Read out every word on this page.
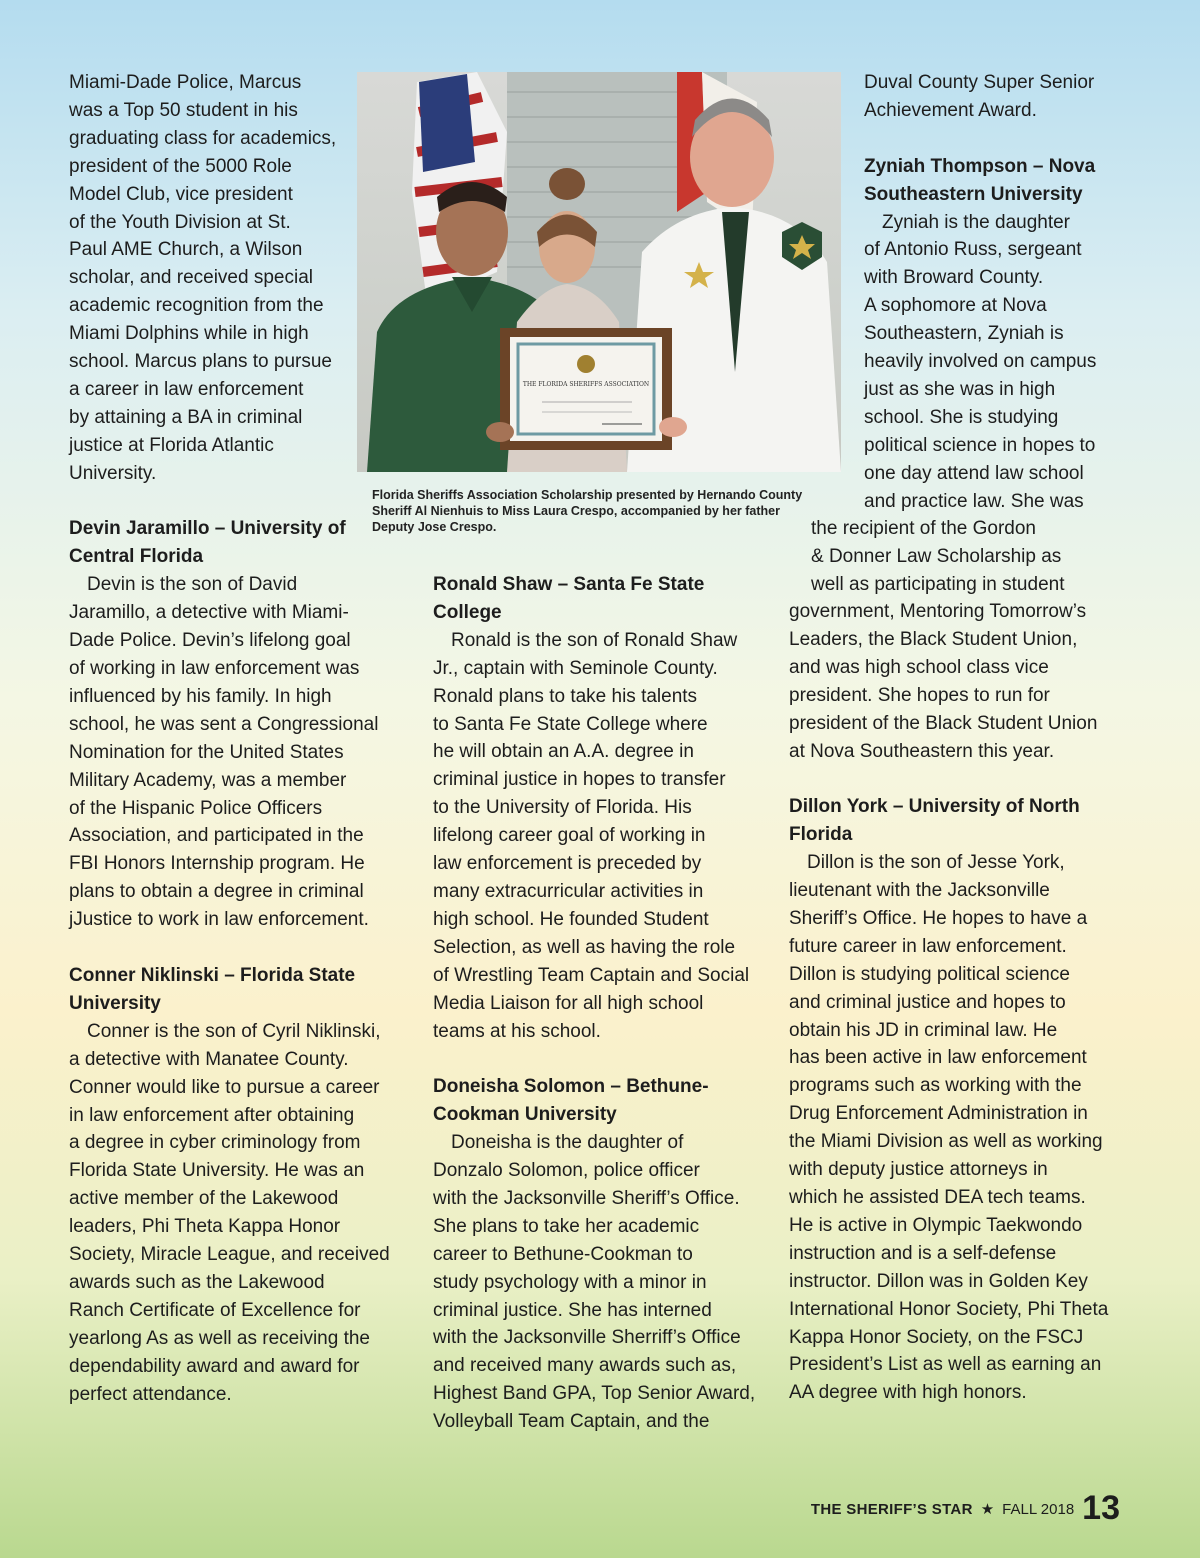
Miami-Dade Police, Marcus
was a Top 50 student in his
graduating class for academics,
president of the 5000 Role
Model Club, vice president
of the Youth Division at St.
Paul AME Church, a Wilson
scholar, and received special
academic recognition from the
Miami Dolphins while in high
school. Marcus plans to pursue
a career in law enforcement
by attaining a BA in criminal
justice at Florida Atlantic
University.

Devin Jaramillo – University of
Central Florida

Devin is the son of David
Jaramillo, a detective with Miami-
Dade Police. Devin’s lifelong goal
of working in law enforcement was
influenced by his family. In high
school, he was sent a Congressional
Nomination for the United States
Military Academy, was a member
of the Hispanic Police Officers
Association, and participated in the
FBI Honors Internship program. He
plans to obtain a degree in criminal
jJustice to work in law enforcement.

Conner Niklinski – Florida State
University

Conner is the son of Cyril Niklinski,
a detective with Manatee County.
Conner would like to pursue a career
in law enforcement after obtaining
a degree in cyber criminology from
Florida State University. He was an
active member of the Lakewood
leaders, Phi Theta Kappa Honor
Society, Miracle League, and received
awards such as the Lakewood
Ranch Certificate of Excellence for
yearlong As as well as receiving the
dependability award and award for
perfect attendance.

THE FLORIDA SHERIFFS ASSOCIATION
Florida Sheriffs Association Scholarship presented by Hernando County Sheriff Al Nienhuis to Miss Laura Crespo, accompanied by her father Deputy Jose Crespo.

Ronald Shaw – Santa Fe State
College

Ronald is the son of Ronald Shaw
Jr., captain with Seminole County.
Ronald plans to take his talents
to Santa Fe State College where
he will obtain an A.A. degree in
criminal justice in hopes to transfer
to the University of Florida. His
lifelong career goal of working in
law enforcement is preceded by
many extracurricular activities in
high school. He founded Student
Selection, as well as having the role
of Wrestling Team Captain and Social
Media Liaison for all high school
teams at his school.

Doneisha Solomon – Bethune-
Cookman University

Doneisha is the daughter of
Donzalo Solomon, police officer
with the Jacksonville Sheriff’s Office.
She plans to take her academic
career to Bethune-Cookman to
study psychology with a minor in
criminal justice. She has interned
with the Jacksonville Sherriff’s Office
and received many awards such as,
Highest Band GPA, Top Senior Award,
Volleyball Team Captain, and the

Duval County Super Senior
Achievement Award.

Zyniah Thompson – Nova
Southeastern University

Zyniah is the daughter
of Antonio Russ, sergeant
with Broward County.
A sophomore at Nova
Southeastern, Zyniah is
heavily involved on campus
just as she was in high
school. She is studying
political science in hopes to
one day attend law school
and practice law. She was

the recipient of the Gordon
& Donner Law Scholarship as
well as participating in student

government, Mentoring Tomorrow’s
Leaders, the Black Student Union,
and was high school class vice
president. She hopes to run for
president of the Black Student Union
at Nova Southeastern this year.

Dillon York – University of North
Florida

Dillon is the son of Jesse York,
lieutenant with the Jacksonville
Sheriff’s Office. He hopes to have a
future career in law enforcement.
Dillon is studying political science
and criminal justice and hopes to
obtain his JD in criminal law. He
has been active in law enforcement
programs such as working with the
Drug Enforcement Administration in
the Miami Division as well as working
with deputy justice attorneys in
which he assisted DEA tech teams.
He is active in Olympic Taekwondo
instruction and is a self-defense
instructor. Dillon was in Golden Key
International Honor Society, Phi Theta
Kappa Honor Society, on the FSCJ
President’s List as well as earning an
AA degree with high honors.

THE SHERIFF’S STAR ★ FALL 2018 13
